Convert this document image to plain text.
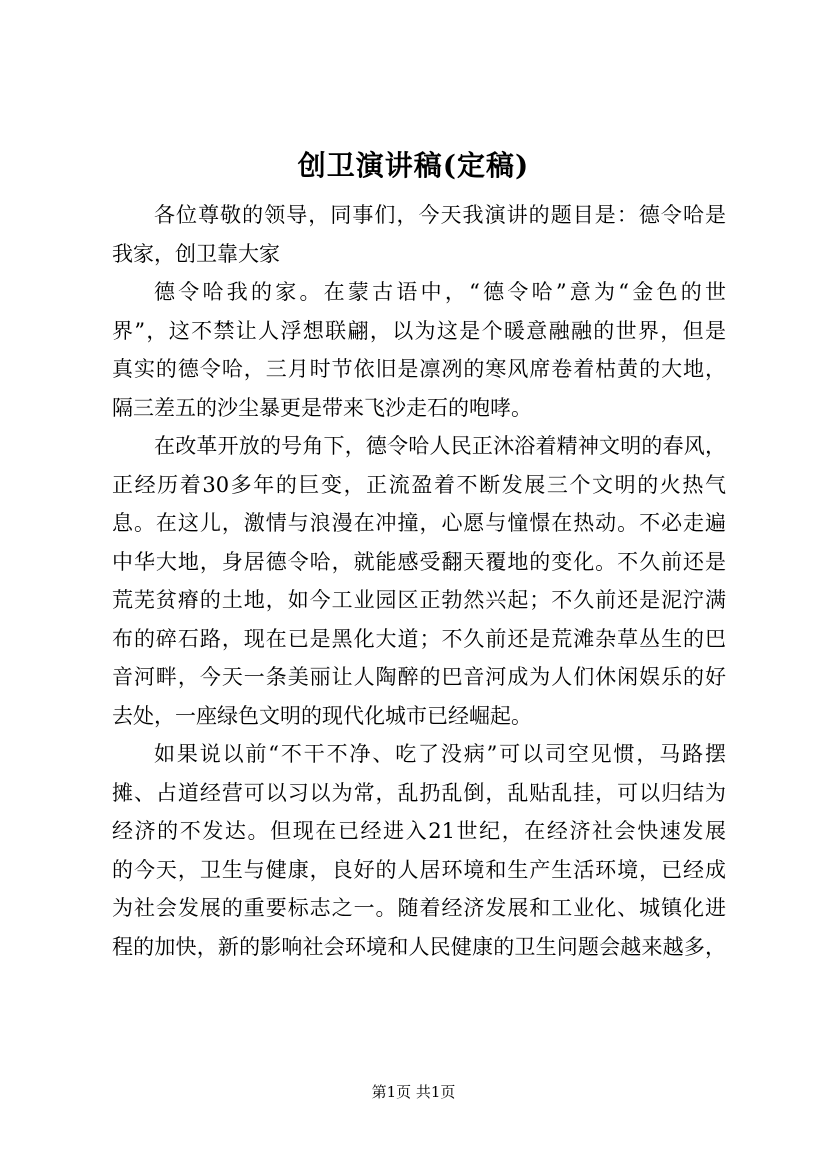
创卫演讲稿(定稿)
各位尊敬的领导，同事们，今天我演讲的题目是：德令哈是
我家，创卫靠大家
德令哈我的家。在蒙古语中，“德令哈”意为“金色的世
界”，这不禁让人浮想联翩，以为这是个暖意融融的世界，但是
真实的德令哈，三月时节依旧是凛冽的寒风席卷着枯黄的大地，
隔三差五的沙尘暴更是带来飞沙走石的咆哮。
在改革开放的号角下，德令哈人民正沐浴着精神文明的春风，
正经历着30多年的巨变，正流盈着不断发展三个文明的火热气
息。在这儿，激情与浪漫在冲撞，心愿与憧憬在热动。不必走遍
中华大地，身居德令哈，就能感受翻天覆地的变化。不久前还是
荒芜贫瘠的土地，如今工业园区正勃然兴起；不久前还是泥泞满
布的碎石路，现在已是黑化大道；不久前还是荒滩杂草丛生的巴
音河畔，今天一条美丽让人陶醉的巴音河成为人们休闲娱乐的好
去处，一座绿色文明的现代化城市已经崛起。
如果说以前“不干不净、吃了没病”可以司空见惯，马路摆
摊、占道经营可以习以为常，乱扔乱倒，乱贴乱挂，可以归结为
经济的不发达。但现在已经进入21世纪，在经济社会快速发展
的今天，卫生与健康，良好的人居环境和生产生活环境，已经成
为社会发展的重要标志之一。随着经济发展和工业化、城镇化进
程的加快，新的影响社会环境和人民健康的卫生问题会越来越多，
第1页 共1页
